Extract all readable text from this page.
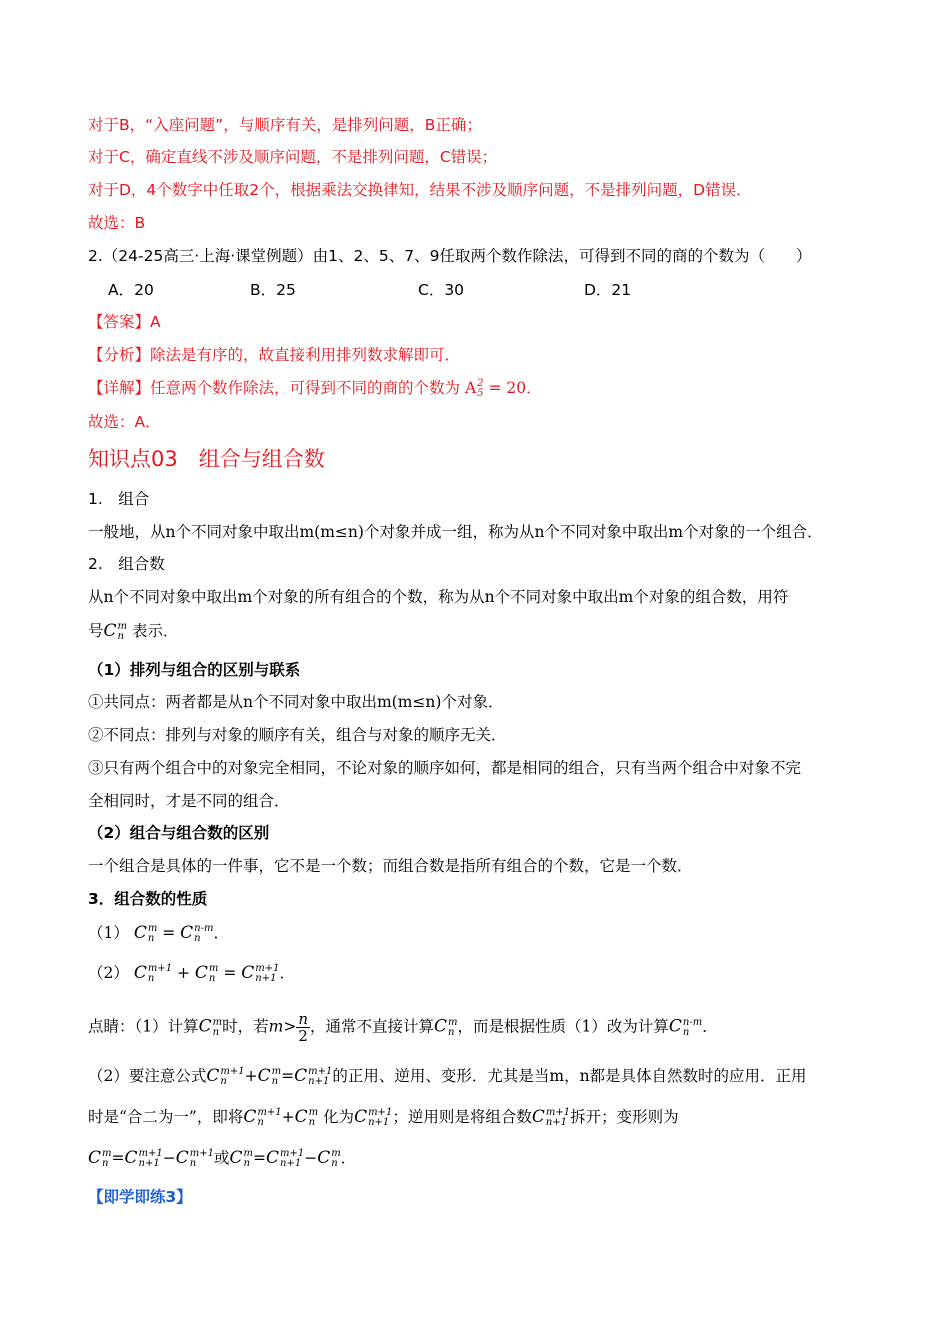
对于B，“入座问题”，与顺序有关，是排列问题，B正确；
对于C，确定直线不涉及顺序问题，不是排列问题，C错误；
对于D，4个数字中任取2个，根据乘法交换律知，结果不涉及顺序问题，不是排列问题，D错误．
故选：B
2.（24-25高三·上海·课堂例题）由1、2、5、7、9任取两个数作除法，可得到不同的商的个数为（　　）
A．20	B．25	C．30	D．21
【答案】A
【分析】除法是有序的，故直接利用排列数求解即可．
【详解】任意两个数作除法，可得到不同的商的个数为 A 2
5 = 20．
故选：A．
知识点03　组合与组合数
1.　组合
一般地，从n个不同对象中取出m(m≤n)个对象并成一组，称为从n个不同对象中取出m个对象的一个组合．
2.　组合数
从n个不同对象中取出m个对象的所有组合的个数，称为从n个不同对象中取出m个对象的组合数，用符
号C m
n 表示．
（1）排列与组合的区别与联系
①共同点：两者都是从n个不同对象中取出m(m≤n)个对象．
②不同点：排列与对象的顺序有关，组合与对象的顺序无关．
③只有两个组合中的对象完全相同，不论对象的顺序如何，都是相同的组合，只有当两个组合中对象不完
全相同时，才是不同的组合．
（2）组合与组合数的区别
一个组合是具体的一件事，它不是一个数；而组合数是指所有组合的个数，它是一个数．
3．组合数的性质
（1） C m
n = C n-m
n ．
（2） C m+1
n	+ C m
n = C m+1
n+1 ．
点睛：（1）计算C m
n 时，若$m> \frac{n}{2}$ ，通常不直接计算C m
n ，而是根据性质（1）改为计算C n-m
n ．
（2）要注意公式C m+1
n	+C m
n =C m+1
n+1 的正用、逆用、变形．尤其是当m，n都是具体自然数时的应用．正用
时是“合二为一”，即将C m+1
n	+C m
n 化为C m+1
n+1 ；逆用则是将组合数C m+1
n+1 拆开；变形则为
C m
n =C m+1
n+1 −C m+1
n	或C m
n =C m+1
n+1 −C m
n ．
【即学即练3】
